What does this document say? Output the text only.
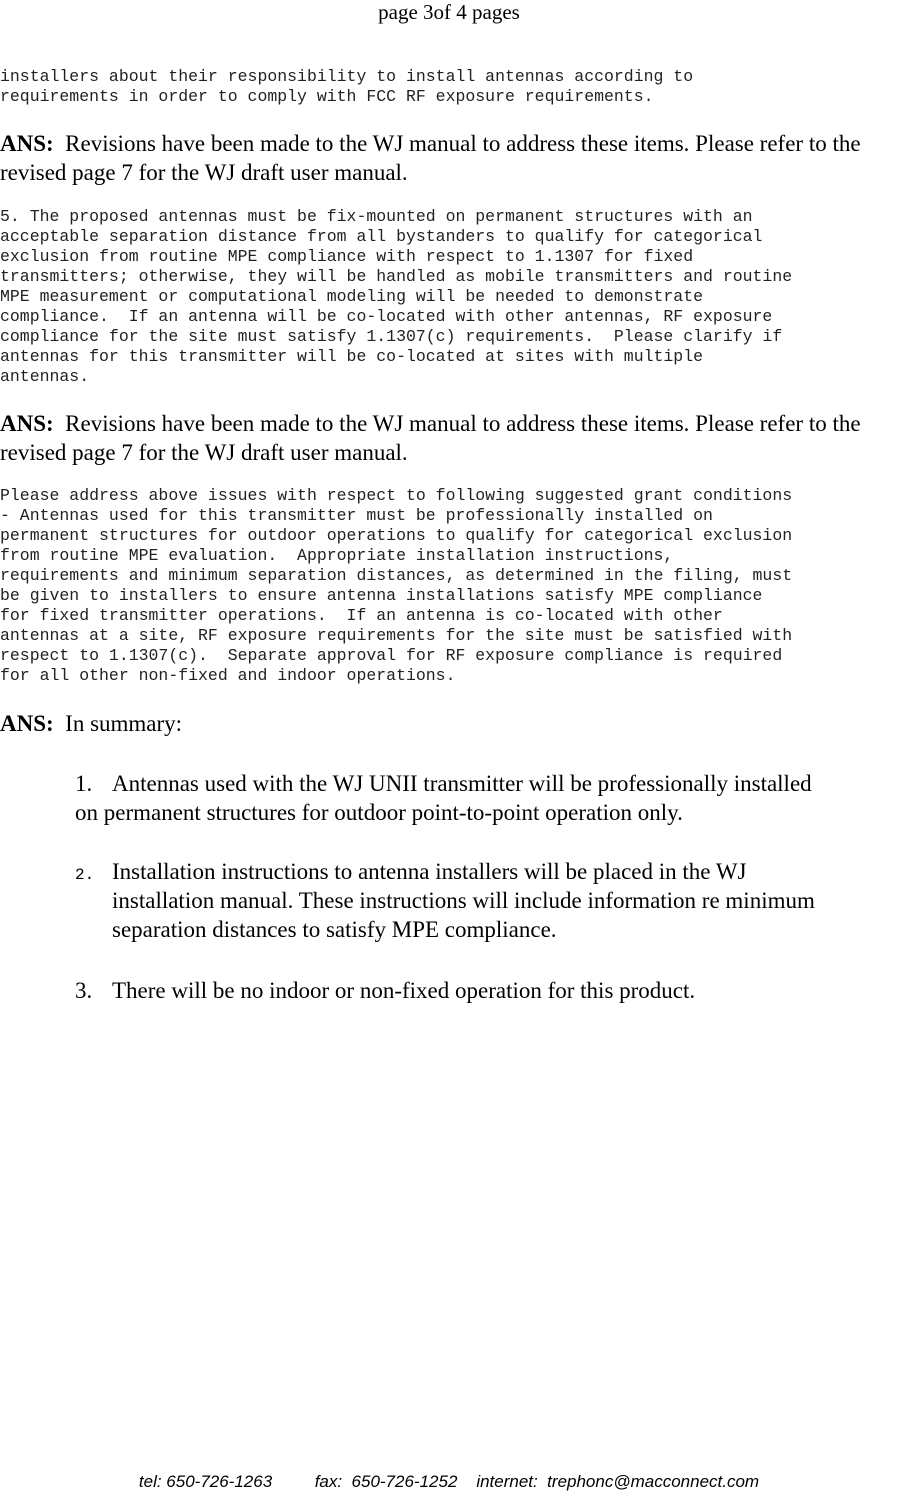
page 3of 4 pages
installers about their responsibility to install antennas according to
requirements in order to comply with FCC RF exposure requirements.

ANS: Revisions have been made to the WJ manual to address these items. Please refer to the revised page 7 for the WJ draft user manual.

5. The proposed antennas must be fix-mounted on permanent structures with an
acceptable separation distance from all bystanders to qualify for categorical
exclusion from routine MPE compliance with respect to 1.1307 for fixed
transmitters; otherwise, they will be handled as mobile transmitters and routine
MPE measurement or computational modeling will be needed to demonstrate
compliance.  If an antenna will be co-located with other antennas, RF exposure
compliance for the site must satisfy 1.1307(c) requirements.  Please clarify if
antennas for this transmitter will be co-located at sites with multiple
antennas.

ANS: Revisions have been made to the WJ manual to address these items. Please refer to the revised page 7 for the WJ draft user manual.

Please address above issues with respect to following suggested grant conditions
- Antennas used for this transmitter must be professionally installed on
permanent structures for outdoor operations to qualify for categorical exclusion
from routine MPE evaluation.  Appropriate installation instructions,
requirements and minimum separation distances, as determined in the filing, must
be given to installers to ensure antenna installations satisfy MPE compliance
for fixed transmitter operations.  If an antenna is co-located with other
antennas at a site, RF exposure requirements for the site must be satisfied with
respect to 1.1307(c).  Separate approval for RF exposure compliance is required
for all other non-fixed and indoor operations.

ANS: In summary:

1. Antennas used with the WJ UNII transmitter will be professionally installed
on permanent structures for outdoor point-to-point operation only.
2. Installation instructions to antenna installers will be placed in the WJ
installation manual. These instructions will include information re minimum
separation distances to satisfy MPE compliance.
3. There will be no indoor or non-fixed operation for this product.
tel: 650-726-1263	fax:  650-726-1252 internet:  trephonc@macconnect.com
